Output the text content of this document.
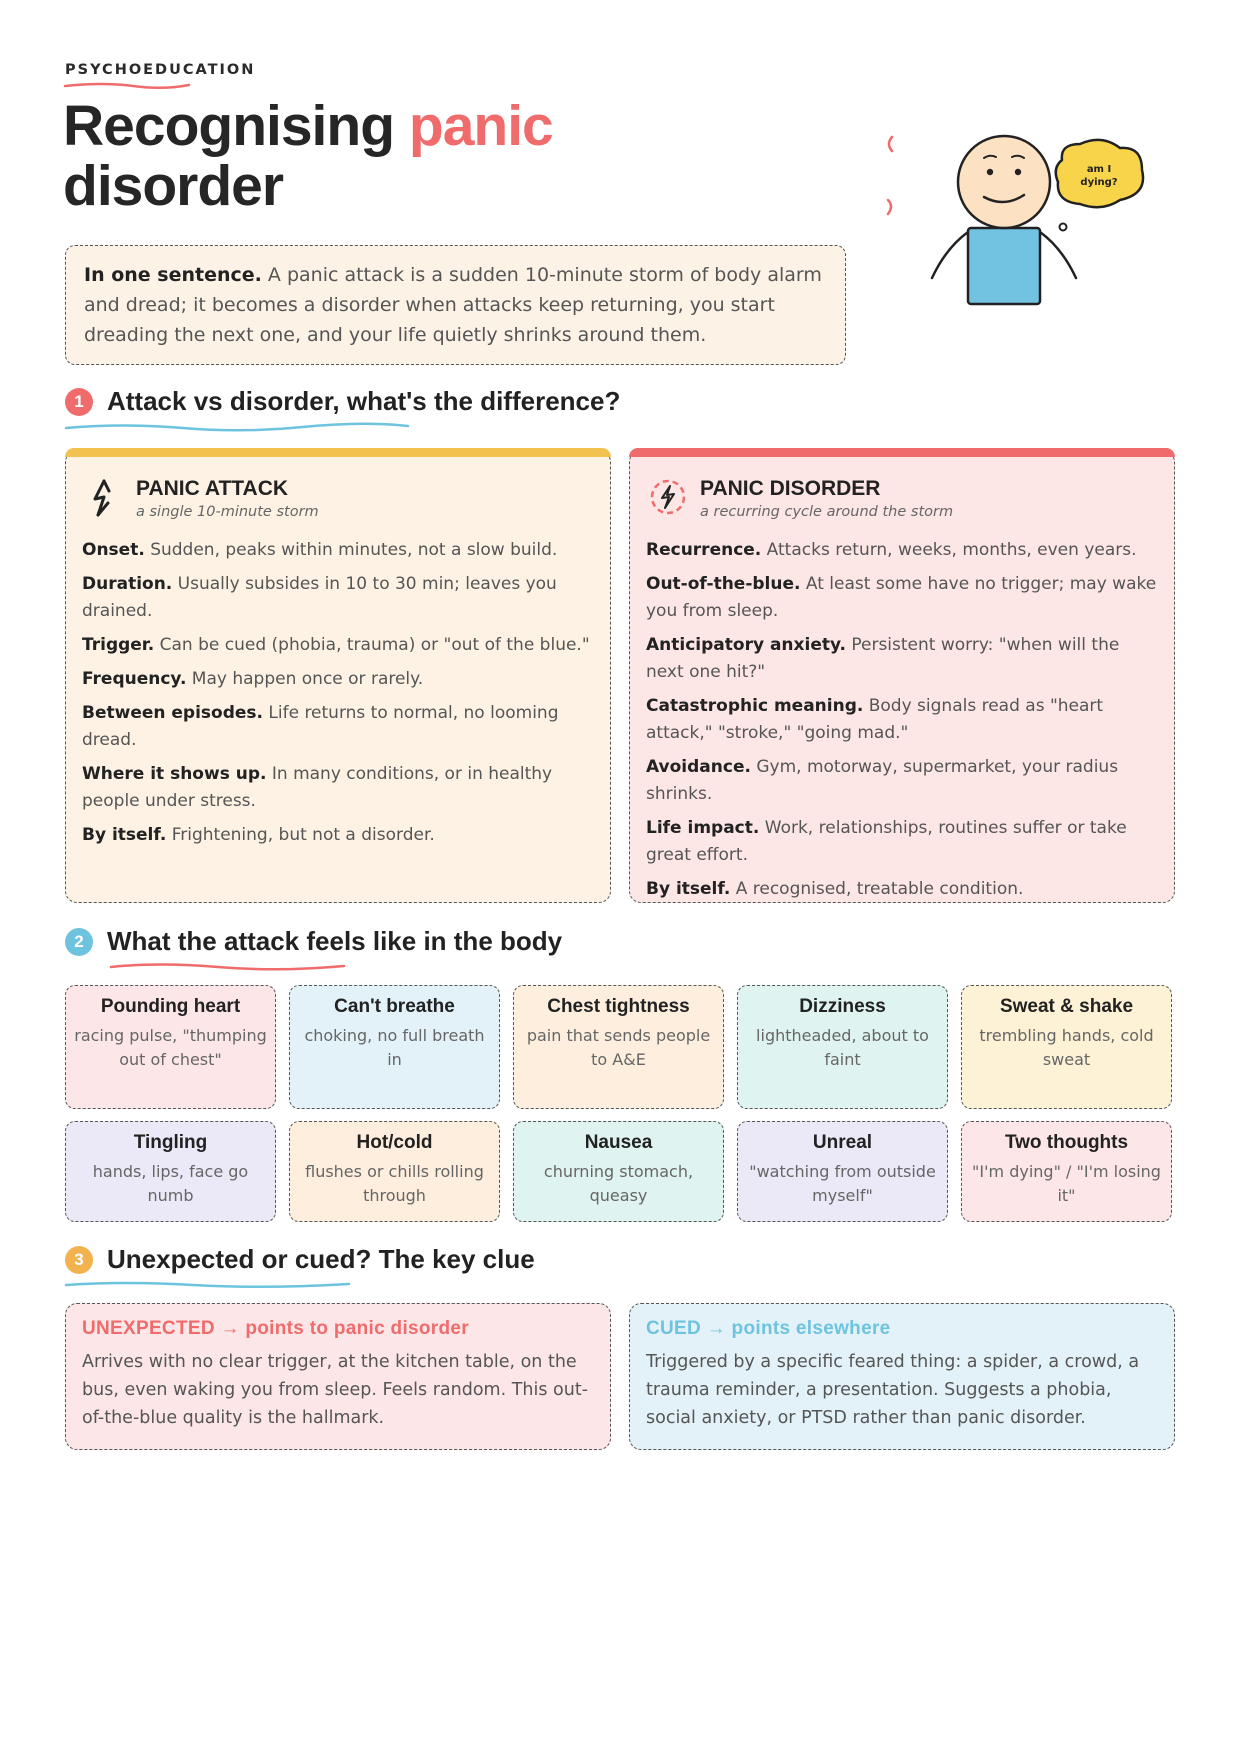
PSYCHOEDUCATION
Recognising panic
disorder	am I
dying?
In one sentence. A panic attack is a sudden 10-minute storm of body alarm and dread; it becomes a disorder when attacks keep returning, you start dreading the next one, and your life quietly shrinks around them.
1 Attack vs disorder, what's the difference?
PANIC ATTACK
a single 10-minute storm

Onset. Sudden, peaks within minutes, not a slow build.

Duration. Usually subsides in 10 to 30 min; leaves you drained.

Trigger. Can be cued (phobia, trauma) or "out of the blue."

Frequency. May happen once or rarely.

Between episodes. Life returns to normal, no looming dread.

Where it shows up. In many conditions, or in healthy people under stress.

By itself. Frightening, but not a disorder.

PANIC DISORDER
a recurring cycle around the storm

Recurrence. Attacks return, weeks, months, even years.

Out-of-the-blue. At least some have no trigger; may wake you from sleep.

Anticipatory anxiety. Persistent worry: "when will the next one hit?"

Catastrophic meaning. Body signals read as "heart attack," "stroke," "going mad."

Avoidance. Gym, motorway, supermarket, your radius shrinks.

Life impact. Work, relationships, routines suffer or take great effort.

By itself. A recognised, treatable condition.

2 What the attack feels like in the body
Pounding heart
racing pulse, "thumping out of chest"
Can't breathe
choking, no full breath in
Chest tightness
pain that sends people to A&E
Dizziness
lightheaded, about to faint
Sweat & shake
trembling hands, cold sweat
Tingling
hands, lips, face go numb
Hot/cold
flushes or chills rolling through
Nausea
churning stomach, queasy
Unreal
"watching from outside myself"
Two thoughts
"I'm dying" / "I'm losing it"
3 Unexpected or cued? The key clue
UNEXPECTED → points to panic disorder
Arrives with no clear trigger, at the kitchen table, on the bus, even waking you from sleep. Feels random. This out-of-the-blue quality is the hallmark.
CUED → points elsewhere
Triggered by a specific feared thing: a spider, a crowd, a trauma reminder, a presentation. Suggests a phobia, social anxiety, or PTSD rather than panic disorder.
